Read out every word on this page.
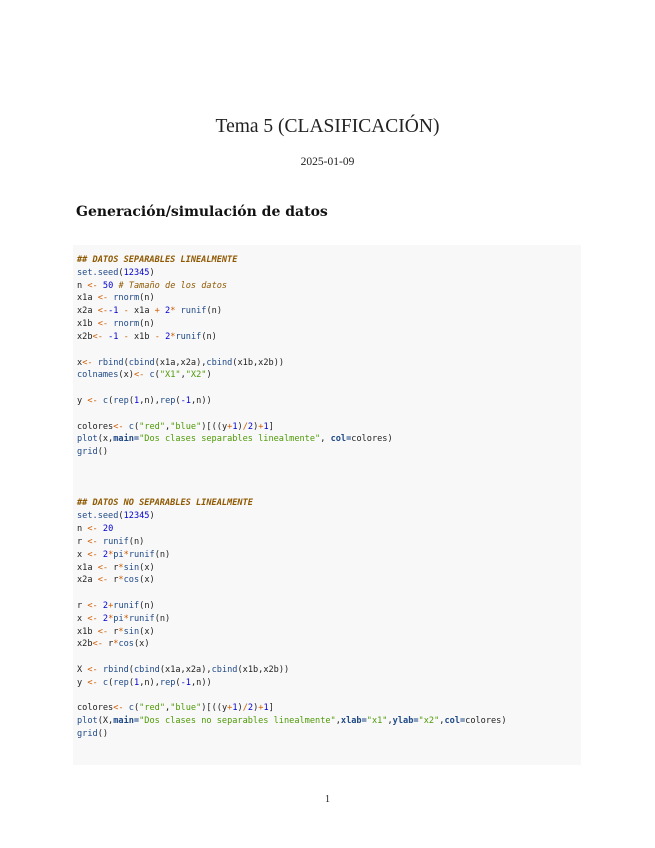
Tema 5 (CLASIFICACIÓN)
2025-01-09
Generación/simulación de datos
## DATOS SEPARABLES LINEALMENTE
set.seed(12345)
n <- 50 # Tamaño de los datos
x1a <- rnorm(n)
x2a <--1 - x1a + 2* runif(n)
x1b <- rnorm(n)
x2b<- -1 - x1b - 2*runif(n)
x<- rbind(cbind(x1a,x2a),cbind(x1b,x2b))
colnames(x)<- c("X1","X2")
y <- c(rep(1,n),rep(-1,n))
colores<- c("red","blue")[((y+1)/2)+1]
plot(x,main="Dos clases separables linealmente", col=colores)
grid()
## DATOS NO SEPARABLES LINEALMENTE
set.seed(12345)
n <- 20
r <- runif(n)
x <- 2*pi*runif(n)
x1a <- r*sin(x)
x2a <- r*cos(x)
r <- 2+runif(n)
x <- 2*pi*runif(n)
x1b <- r*sin(x)
x2b<- r*cos(x)
X <- rbind(cbind(x1a,x2a),cbind(x1b,x2b))
y <- c(rep(1,n),rep(-1,n))
colores<- c("red","blue")[((y+1)/2)+1]
plot(X,main="Dos clases no separables linealmente",xlab="x1",ylab="x2",col=colores)
grid()
1
